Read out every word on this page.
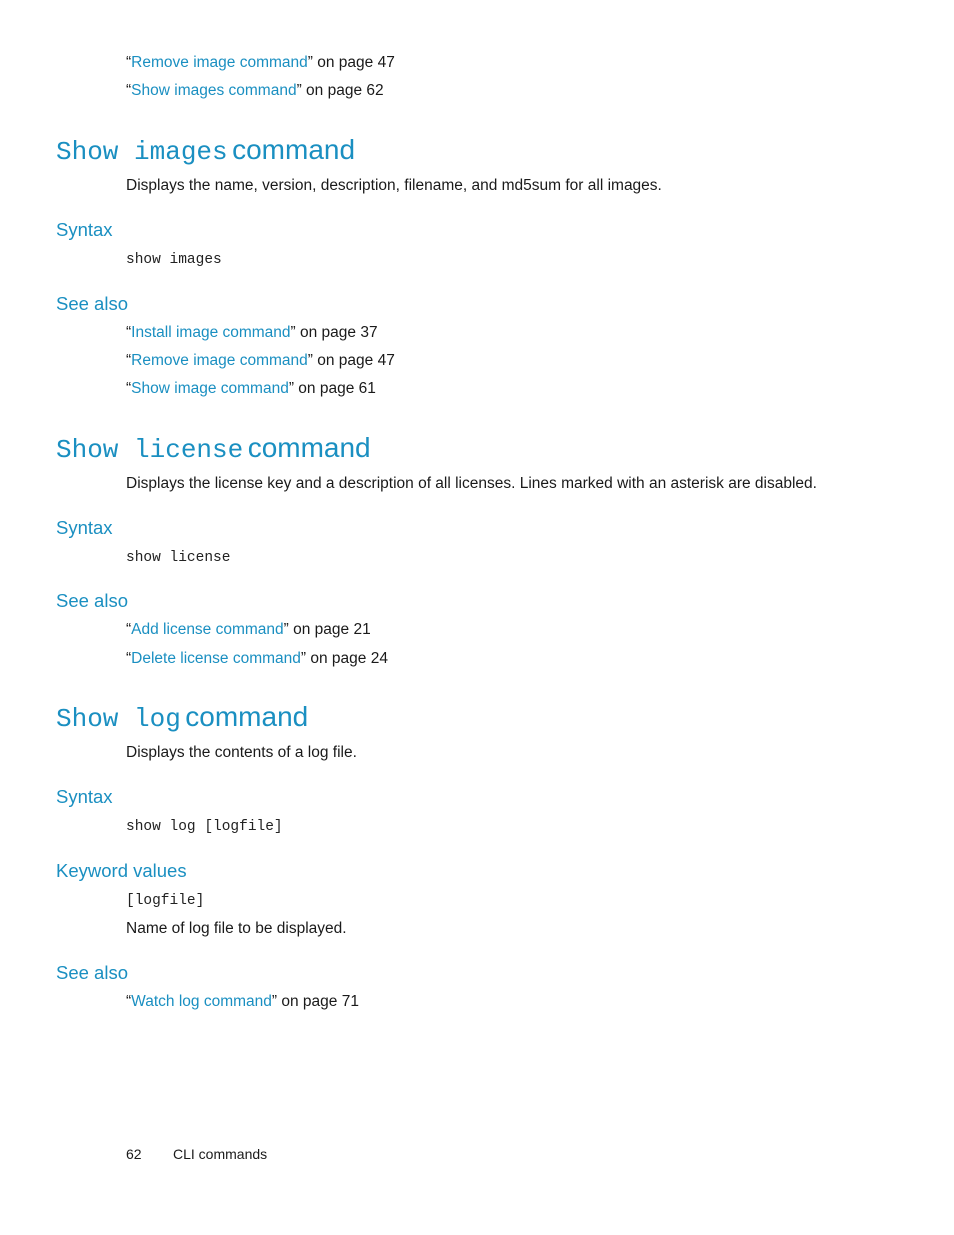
“Remove image command” on page 47
“Show images command” on page 62
Show images command
Displays the name, version, description, filename, and md5sum for all images.
Syntax
show images
See also
“Install image command” on page 37
“Remove image command” on page 47
“Show image command” on page 61
Show license command
Displays the license key and a description of all licenses. Lines marked with an asterisk are disabled.
Syntax
show license
See also
“Add license command” on page 21
“Delete license command” on page 24
Show log command
Displays the contents of a log file.
Syntax
show log [logfile]
Keyword values
[logfile]
Name of log file to be displayed.
See also
“Watch log command” on page 71
62 CLI commands
